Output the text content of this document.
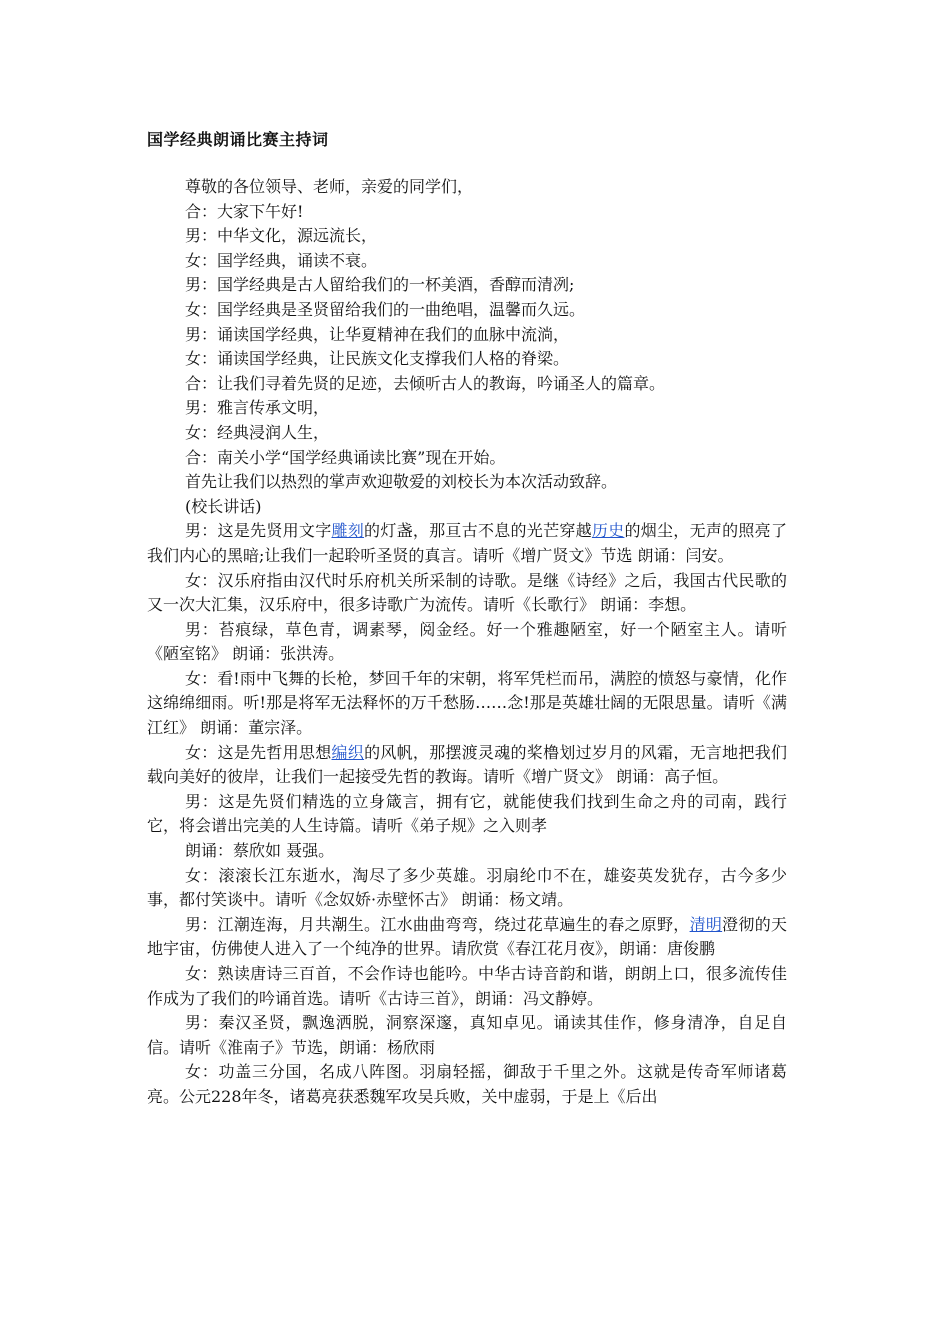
国学经典朗诵比赛主持词

尊敬的各位领导、老师，亲爱的同学们，

合：大家下午好!

男：中华文化，源远流长，

女：国学经典，诵读不衰。

男：国学经典是古人留给我们的一杯美酒，香醇而清冽;

女：国学经典是圣贤留给我们的一曲绝唱，温馨而久远。

男：诵读国学经典，让华夏精神在我们的血脉中流淌，

女：诵读国学经典，让民族文化支撑我们人格的脊梁。

合：让我们寻着先贤的足迹，去倾听古人的教诲，吟诵圣人的篇章。

男：雅言传承文明，

女：经典浸润人生，

合：南关小学“国学经典诵读比赛”现在开始。

首先让我们以热烈的掌声欢迎敬爱的刘校长为本次活动致辞。

(校长讲话)

男：这是先贤用文字雕刻的灯盏，那亘古不息的光芒穿越历史的烟尘，无声的照亮了我们内心的黑暗;让我们一起聆听圣贤的真言。请听《增广贤文》节选 朗诵：闫安。

女：汉乐府指由汉代时乐府机关所采制的诗歌。是继《诗经》之后，我国古代民歌的又一次大汇集，汉乐府中，很多诗歌广为流传。请听《长歌行》 朗诵：李想。

男：苔痕绿，草色青，调素琴，阅金经。好一个雅趣陋室，好一个陋室主人。请听《陋室铭》 朗诵：张洪涛。

女：看!雨中飞舞的长枪，梦回千年的宋朝，将军凭栏而吊，满腔的愤怒与豪情，化作这绵绵细雨。听!那是将军无法释怀的万千愁肠……念!那是英雄壮阔的无限思量。请听《满江红》 朗诵：董宗泽。

女：这是先哲用思想编织的风帆，那摆渡灵魂的桨橹划过岁月的风霜，无言地把我们载向美好的彼岸，让我们一起接受先哲的教诲。请听《增广贤文》 朗诵：高子恒。

男：这是先贤们精选的立身箴言，拥有它，就能使我们找到生命之舟的司南，践行它，将会谱出完美的人生诗篇。请听《弟子规》之入则孝

朗诵：蔡欣如 聂强。

女：滚滚长江东逝水，淘尽了多少英雄。羽扇纶巾不在，雄姿英发犹存，古今多少事，都付笑谈中。请听《念奴娇·赤壁怀古》 朗诵：杨文靖。

男：江潮连海，月共潮生。江水曲曲弯弯，绕过花草遍生的春之原野，清明澄彻的天地宇宙，仿佛使人进入了一个纯净的世界。请欣赏《春江花月夜》，朗诵：唐俊鹏

女：熟读唐诗三百首，不会作诗也能吟。中华古诗音韵和谐，朗朗上口，很多流传佳作成为了我们的吟诵首选。请听《古诗三首》，朗诵：冯文静婷。

男：秦汉圣贤，飘逸洒脱，洞察深邃，真知卓见。诵读其佳作，修身清净，自足自信。请听《淮南子》节选，朗诵：杨欣雨

女：功盖三分国，名成八阵图。羽扇轻摇，御敌于千里之外。这就是传奇军师诸葛亮。公元228年冬，诸葛亮获悉魏军攻吴兵败，关中虚弱，于是上《后出
